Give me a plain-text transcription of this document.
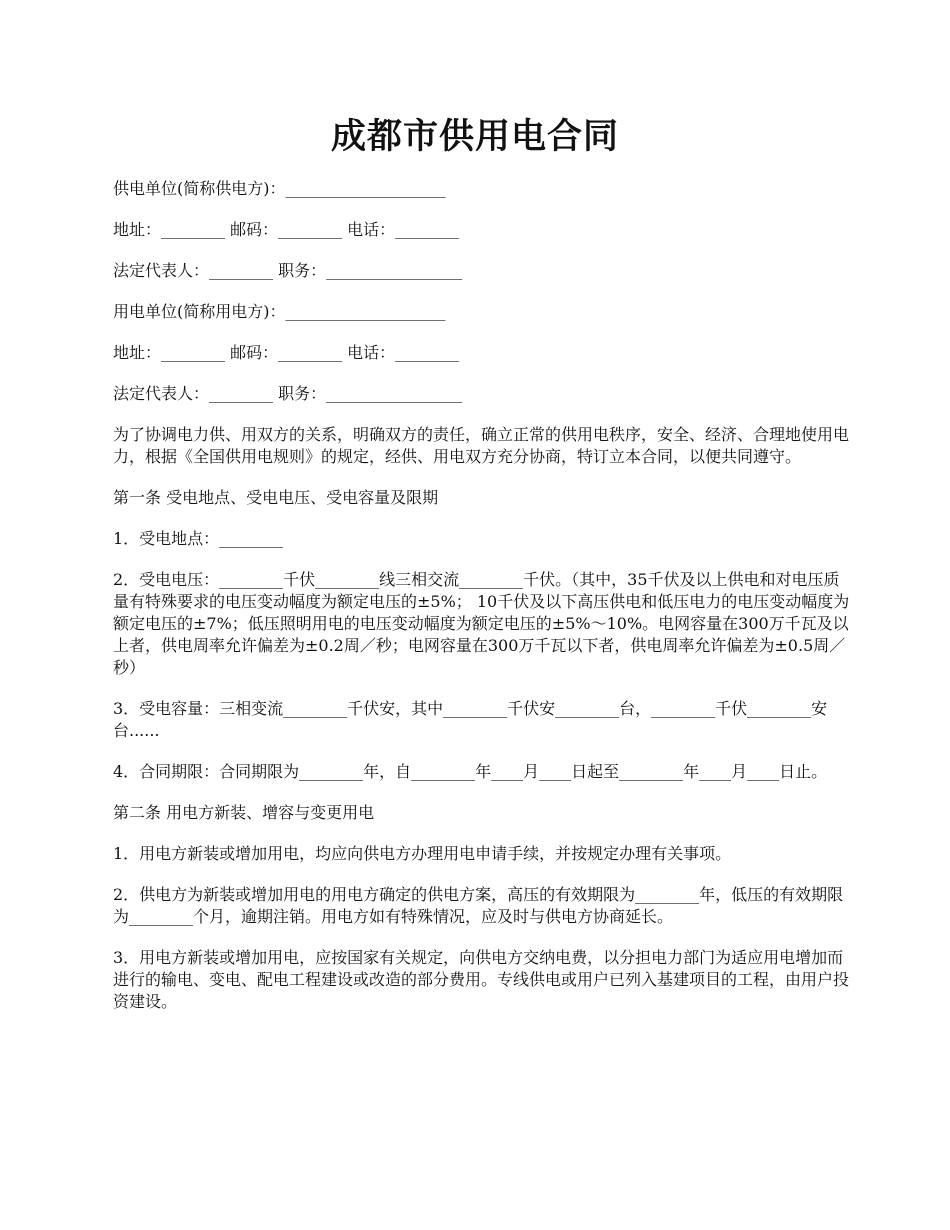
成都市供用电合同

供电单位(简称供电方)：____________________

地址：________ 邮码：________ 电话：________

法定代表人：________ 职务：_________________

用电单位(简称用电方)：____________________

地址：________ 邮码：________ 电话：________

法定代表人：________ 职务：_________________

为了协调电力供、用双方的关系，明确双方的责任，确立正常的供用电秩序，安全、经济、合理地使用电力，根据《全国供用电规则》的规定，经供、用电双方充分协商，特订立本合同，以便共同遵守。

第一条 受电地点、受电电压、受电容量及限期

1．受电地点：________

2．受电电压：________千伏________线三相交流________千伏。（其中，35千伏及以上供电和对电压质量有特殊要求的电压变动幅度为额定电压的±5%； 10千伏及以下高压供电和低压电力的电压变动幅度为额定电压的±7%；低压照明用电的电压变动幅度为额定电压的±5%～10%。电网容量在300万千瓦及以上者，供电周率允许偏差为±0.2周／秒；电网容量在300万千瓦以下者，供电周率允许偏差为±0.5周／秒）

3．受电容量：三相变流________千伏安，其中________千伏安________台，________千伏________安台......

4．合同期限：合同期限为________年，自________年____月____日起至________年____月____日止。

第二条 用电方新装、增容与变更用电

1．用电方新装或增加用电，均应向供电方办理用电申请手续，并按规定办理有关事项。

2．供电方为新装或增加用电的用电方确定的供电方案，高压的有效期限为________年，低压的有效期限为________个月，逾期注销。用电方如有特殊情况，应及时与供电方协商延长。

3．用电方新装或增加用电，应按国家有关规定，向供电方交纳电费，以分担电力部门为适应用电增加而进行的输电、变电、配电工程建设或改造的部分费用。专线供电或用户已列入基建项目的工程，由用户投资建设。
